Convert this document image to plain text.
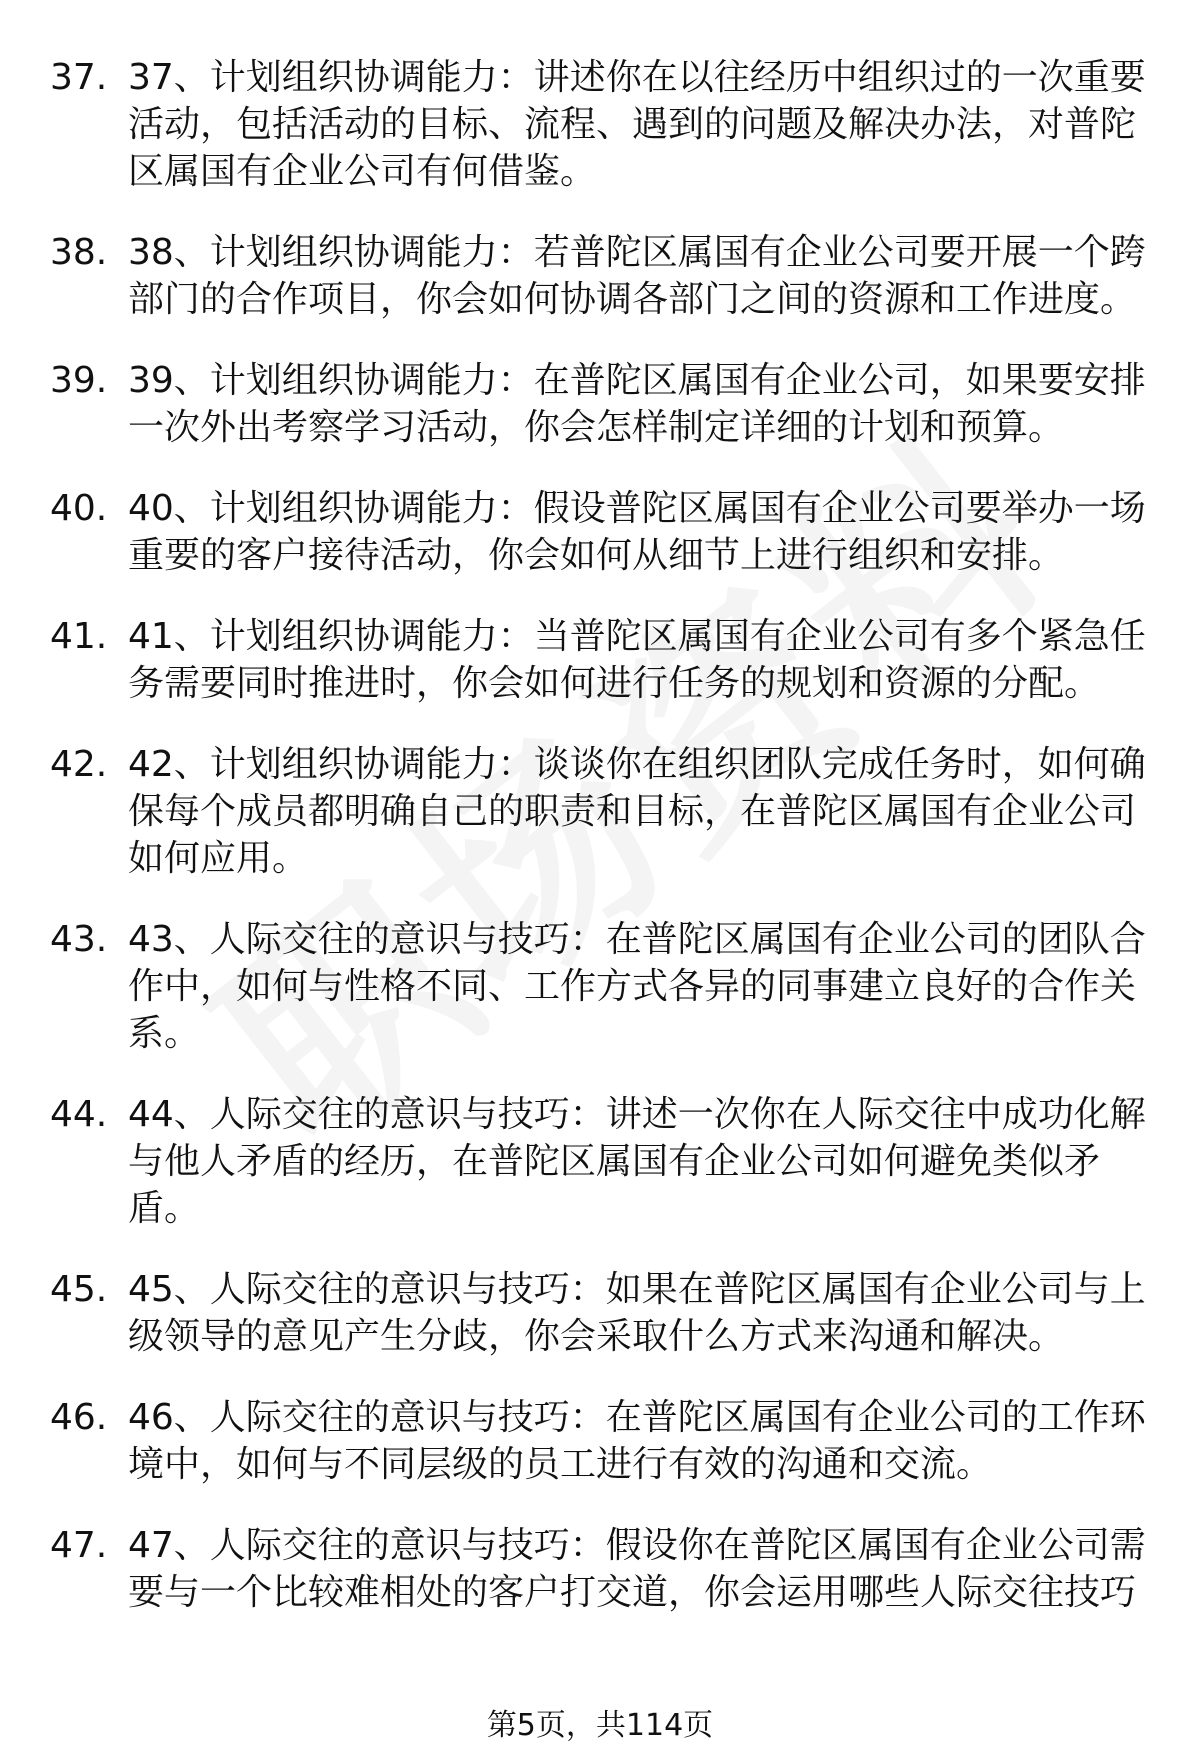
37. 37、计划组织协调能力：讲述你在以往经历中组织过的一次重要活动，包括活动的目标、流程、遇到的问题及解决办法，对普陀区属国有企业公司有何借鉴。
38. 38、计划组织协调能力：若普陀区属国有企业公司要开展一个跨部门的合作项目，你会如何协调各部门之间的资源和工作进度。
39. 39、计划组织协调能力：在普陀区属国有企业公司，如果要安排一次外出考察学习活动，你会怎样制定详细的计划和预算。
40. 40、计划组织协调能力：假设普陀区属国有企业公司要举办一场重要的客户接待活动，你会如何从细节上进行组织和安排。
41. 41、计划组织协调能力：当普陀区属国有企业公司有多个紧急任务需要同时推进时，你会如何进行任务的规划和资源的分配。
42. 42、计划组织协调能力：谈谈你在组织团队完成任务时，如何确保每个成员都明确自己的职责和目标，在普陀区属国有企业公司如何应用。
43. 43、人际交往的意识与技巧：在普陀区属国有企业公司的团队合作中，如何与性格不同、工作方式各异的同事建立良好的合作关系。
44. 44、人际交往的意识与技巧：讲述一次你在人际交往中成功化解与他人矛盾的经历，在普陀区属国有企业公司如何避免类似矛盾。
45. 45、人际交往的意识与技巧：如果在普陀区属国有企业公司与上级领导的意见产生分歧，你会采取什么方式来沟通和解决。
46. 46、人际交往的意识与技巧：在普陀区属国有企业公司的工作环境中，如何与不同层级的员工进行有效的沟通和交流。
47. 47、人际交往的意识与技巧：假设你在普陀区属国有企业公司需要与一个比较难相处的客户打交道，你会运用哪些人际交往技巧
第5页，共114页
